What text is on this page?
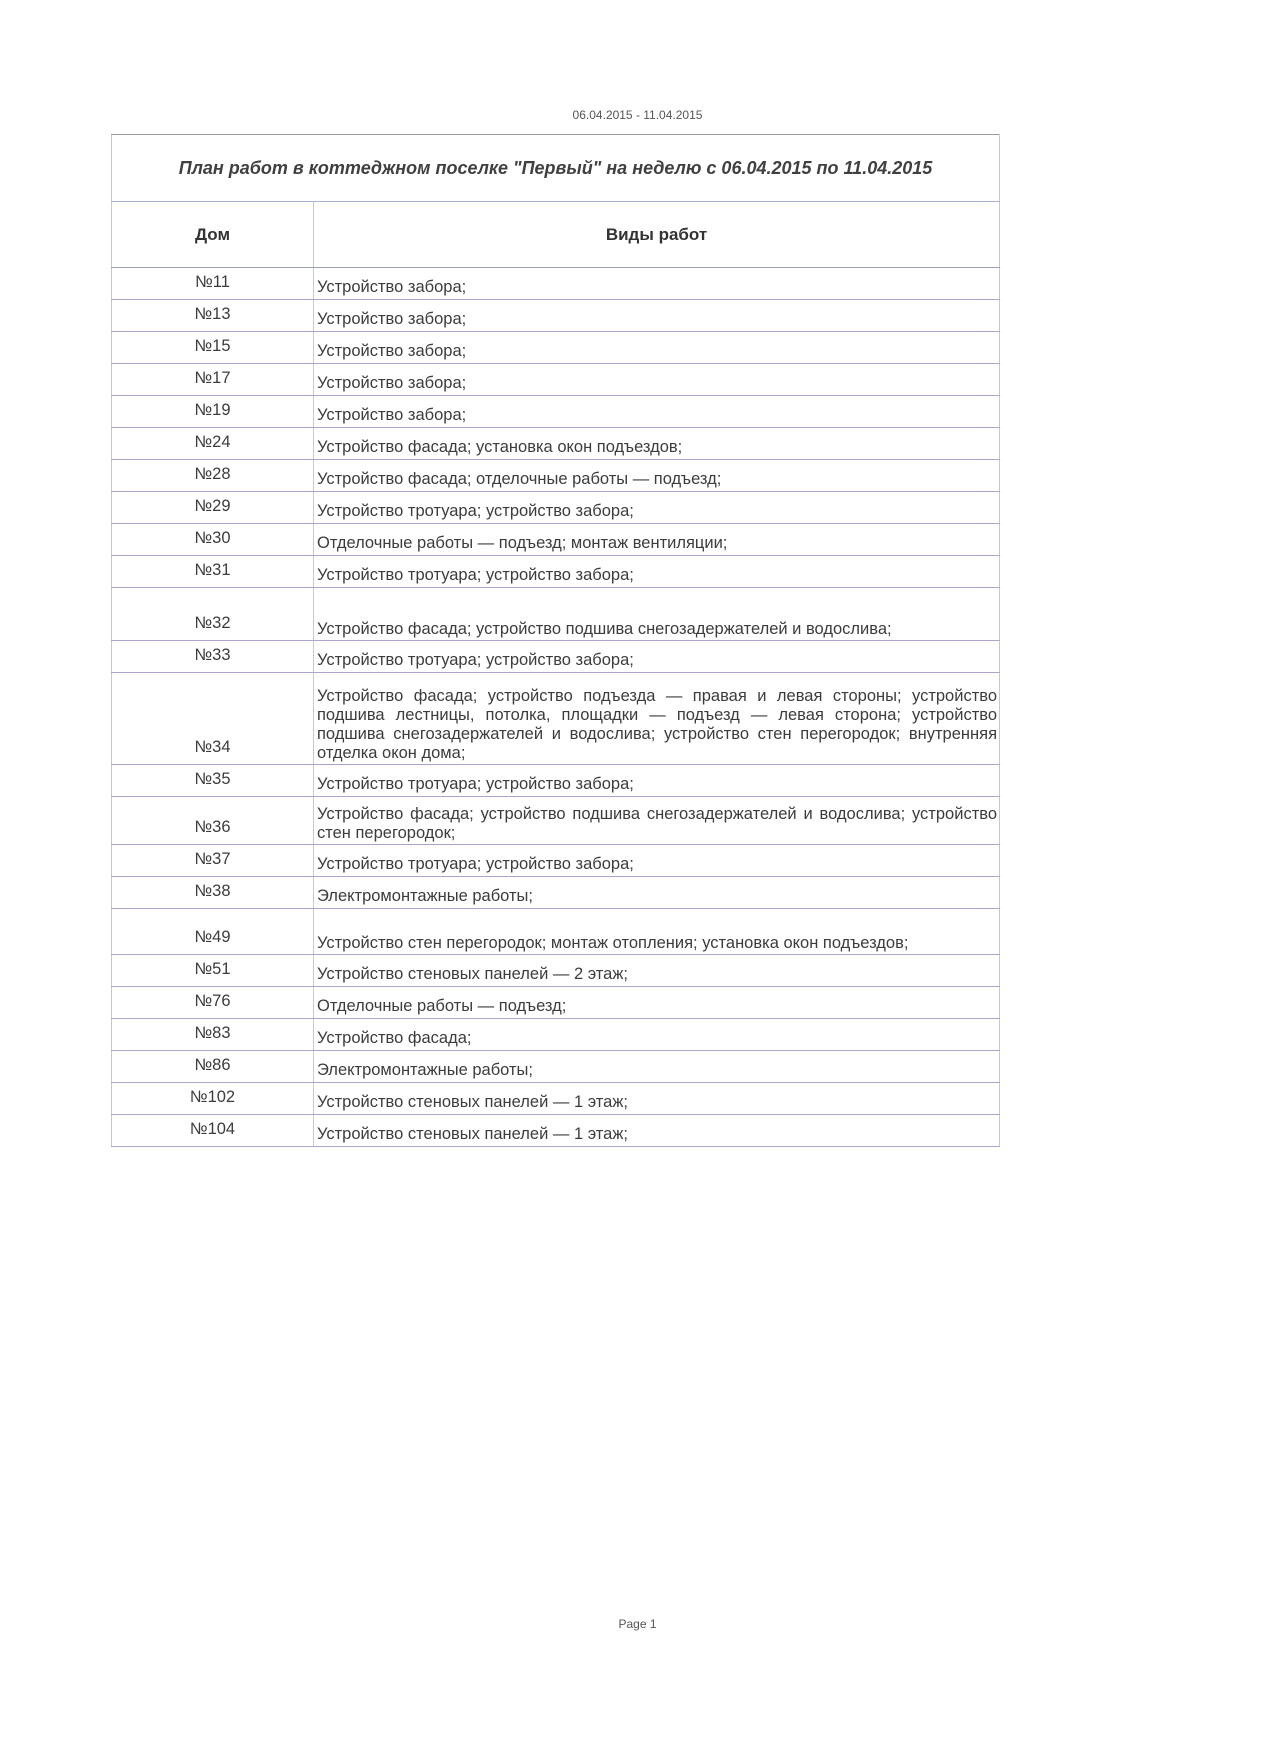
06.04.2015 - 11.04.2015
План работ в коттеджном поселке "Первый" на неделю с 06.04.2015 по 11.04.2015	
Дом	Виды работ
№11	Устройство забора;
№13	Устройство забора;
№15	Устройство забора;
№17	Устройство забора;
№19	Устройство забора;
№24	Устройство фасада; установка окон подъездов;
№28	Устройство фасада; отделочные работы — подъезд;
№29	Устройство тротуара; устройство забора;
№30	Отделочные работы — подъезд; монтаж вентиляции;
№31	Устройство тротуара; устройство забора;
№32	Устройство фасада; устройство подшива снегозадержателей и водослива;
№33	Устройство тротуара; устройство забора;
№34	Устройство фасада; устройство подъезда — правая и левая стороны; устройство подшива лестницы, потолка, площадки — подъезд — левая сторона; устройство подшива снегозадержателей и водослива; устройство стен перегородок; внутренняя отделка окон дома;
№35	Устройство тротуара; устройство забора;
№36	Устройство фасада; устройство подшива снегозадержателей и водослива; устройство стен перегородок;
№37	Устройство тротуара; устройство забора;
№38	Электромонтажные работы;
№49	Устройство стен перегородок; монтаж отопления; установка окон подъездов;
№51	Устройство стеновых панелей — 2 этаж;
№76	Отделочные работы — подъезд;
№83	Устройство фасада;
№86	Электромонтажные работы;
№102	Устройство стеновых панелей — 1 этаж;
№104	Устройство стеновых панелей — 1 этаж;
Page 1
